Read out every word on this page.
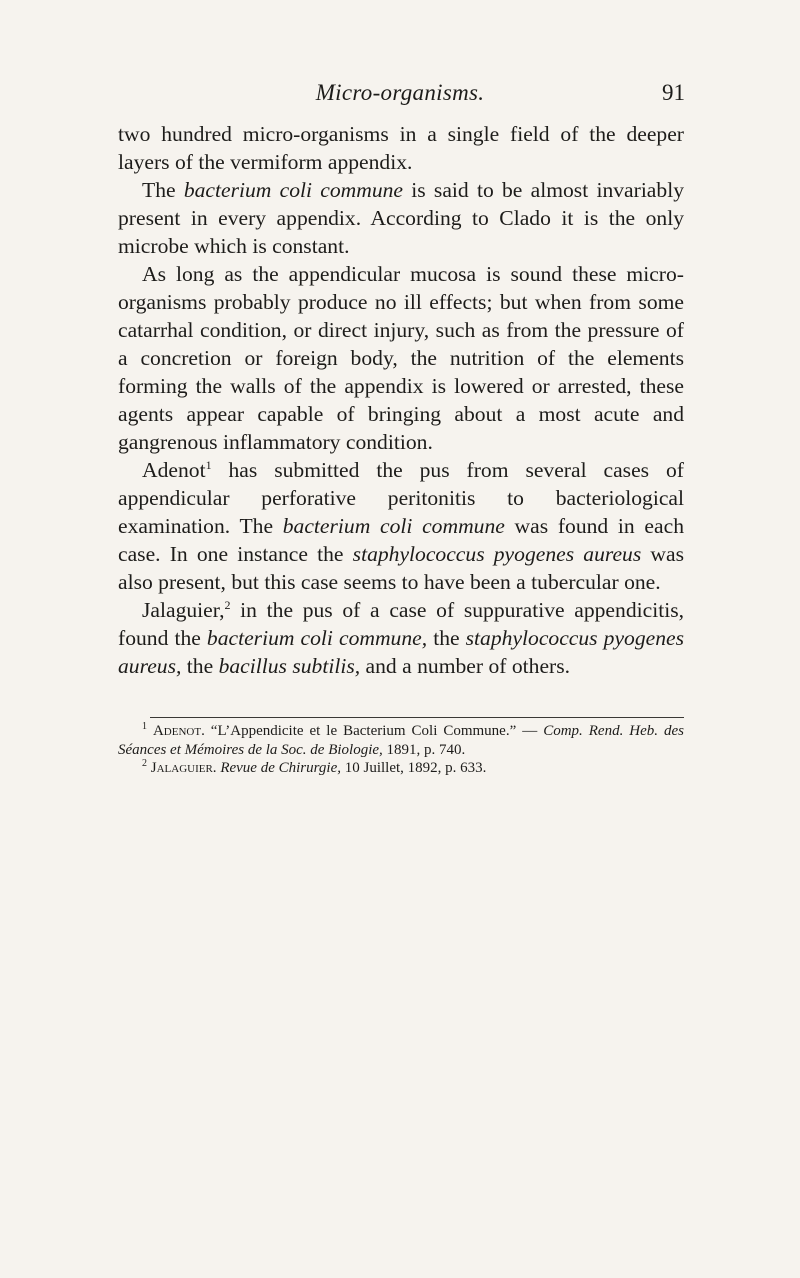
Micro-organisms.	91

two hundred micro-organisms in a single field of the deeper layers of the vermiform appendix.

The bacterium coli commune is said to be almost invariably present in every appendix. According to Clado it is the only microbe which is constant.

As long as the appendicular mucosa is sound these micro-organisms probably produce no ill effects; but when from some catarrhal condition, or direct injury, such as from the pressure of a concretion or foreign body, the nutrition of the elements forming the walls of the appendix is lowered or arrested, these agents appear capable of bringing about a most acute and gangrenous inflammatory condition.

Adenot$^1$ has submitted the pus from several cases of appendicular perforative peritonitis to bacteriological examination. The bacterium coli commune was found in each case. In one instance the staphylococcus pyogenes aureus was also present, but this case seems to have been a tubercular one.

Jalaguier,$^2$ in the pus of a case of suppurative appendicitis, found the bacterium coli commune, the staphylococcus pyogenes aureus, the bacillus subtilis, and a number of others.

$^1$ Adenot. “L’Appendicite et le Bacterium Coli Commune.” — Comp. Rend. Heb. des Séances et Mémoires de la Soc. de Biologie, 1891, p. 740.

$^2$ Jalaguier. Revue de Chirurgie, 10 Juillet, 1892, p. 633.
